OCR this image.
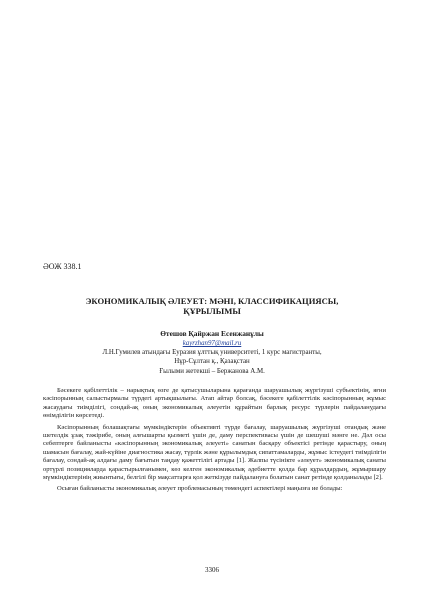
ӘОЖ 338.1
ЭКОНОМИКАЛЫҚ ӘЛЕУЕТ: МӘНІ, КЛАССИФИКАЦИЯСЫ,
ҚҰРЫЛЫМЫ
Өтешов Қайржан Есенжанұлы
kayrzhan97@mail.ru
Л.Н.Гумилев атындағы Еуразия ұлттық университеті, 1 курс магистранты,
Нұр-Сұлтан қ., Қазақстан
Ғылыми жетекші – Бержанова А.М.

Бәсекеге қабілеттілік – нарықтық өзге де қатысушыларына қарағанда шаруашылық жүргізуші субъектінің, яғни кәсіпорынның салыстырмалы түрдегі артықшылығы. Атап айтар болсақ, бәсекеге қабілеттілік кәсіпорынның жұмыс жасаудағы тиімділігі, сондай-ақ оның экономикалық әлеуетін құрайтын барлық ресурс түрлерін пайдаланудағы өнімділігін көрсетеді.

Кәсіпорынның болашақтағы мүмкіндіктерін объективті түрде бағалау, шаруашылық жүргізуші отандық және шетелдік ұзақ тәжірибе, оның алғышарты қызметі үшін де, даму перспективасы үшін де шешуші мәнге не. Дәл осы себептерге байланысты «кәсіпорынның экономикалық әлеуеті» санатын басқару объектісі ретінде қарастыру, оның шамасын бағалау, жай-күйіне диагностика жасау, түрлік және құрылымдық сипаттамаларды, жұмыс істеудегі тиімділігін бағалау, сондай-ақ алдағы даму бағытын таңдау қажеттілігі артады [1]. Жалпы түсінікте «әлеует» экономикалық санаты ортүрлі позицияларда қарастырылғанымен, көз келген экономикалық әдебиетте қолда бар құралдардың, жұмыршару мүмкіндіктерінің жиынтығы, белгілі бір мақсаттарға қол жеткізуде пайдалануға болатын санат ретінде қолданылады [2].

Осыған байланысты экономикалық әлеует проблемасының төмендегі аспектілері маңызға ие болады:

3306
